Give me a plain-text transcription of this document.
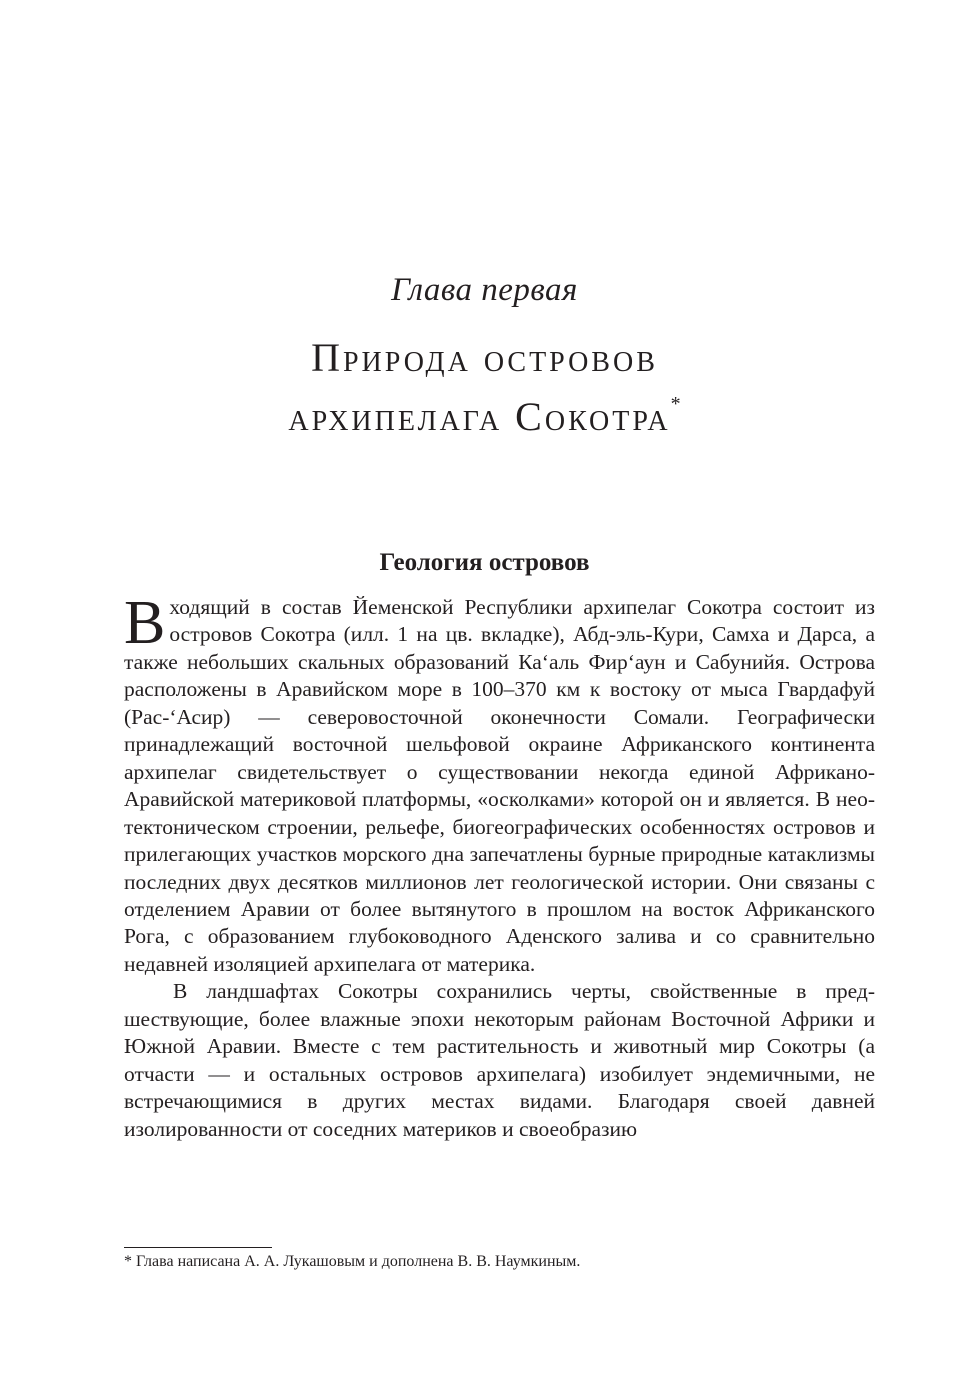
Глава первая
Природа островов
архипелага Сокотра*
Геология островов

Входящий в состав Йеменской Республики архипелаг Сокотра состоит из островов Сокотра (илл. 1 на цв. вкладке), Абд-эль-Кури, Самха и Дарса, а также небольших скальных образований Ка‘аль Фир‘аун и Сабунийя. Острова расположены в Аравийском море в 100–370 км к востоку от мыса Гвардафуй (Рас-‘Асир) — северовосточной оконечности Сомали. Географически принадлежащий восточной шельфовой окраине Африканского континента архипелаг свидетельствует о существовании некогда единой Африкано-Аравийской материковой платформы, «осколками» которой он и является. В неотектоническом строении, рельефе, биогеографических особенностях островов и прилегающих участков морского дна запечатлены бурные природные катаклизмы последних двух десятков миллионов лет геологической истории. Они связаны с отделением Аравии от более вытянутого в прошлом на восток Африканского Рога, с образованием глубоководного Аденского залива и со сравнительно недавней изоляцией архипелага от материка.

В ландшафтах Сокотры сохранились черты, свойственные в предшествующие, более влажные эпохи некоторым районам Восточной Африки и Южной Аравии. Вместе с тем растительность и животный мир Сокотры (а отчасти — и остальных островов архипелага) изобилует эндемичными, не встречающимися в других местах видами. Благодаря своей давней изолированности от соседних материков и своеобразию

* Глава написана А. А. Лукашовым и дополнена В. В. Наумкиным.
